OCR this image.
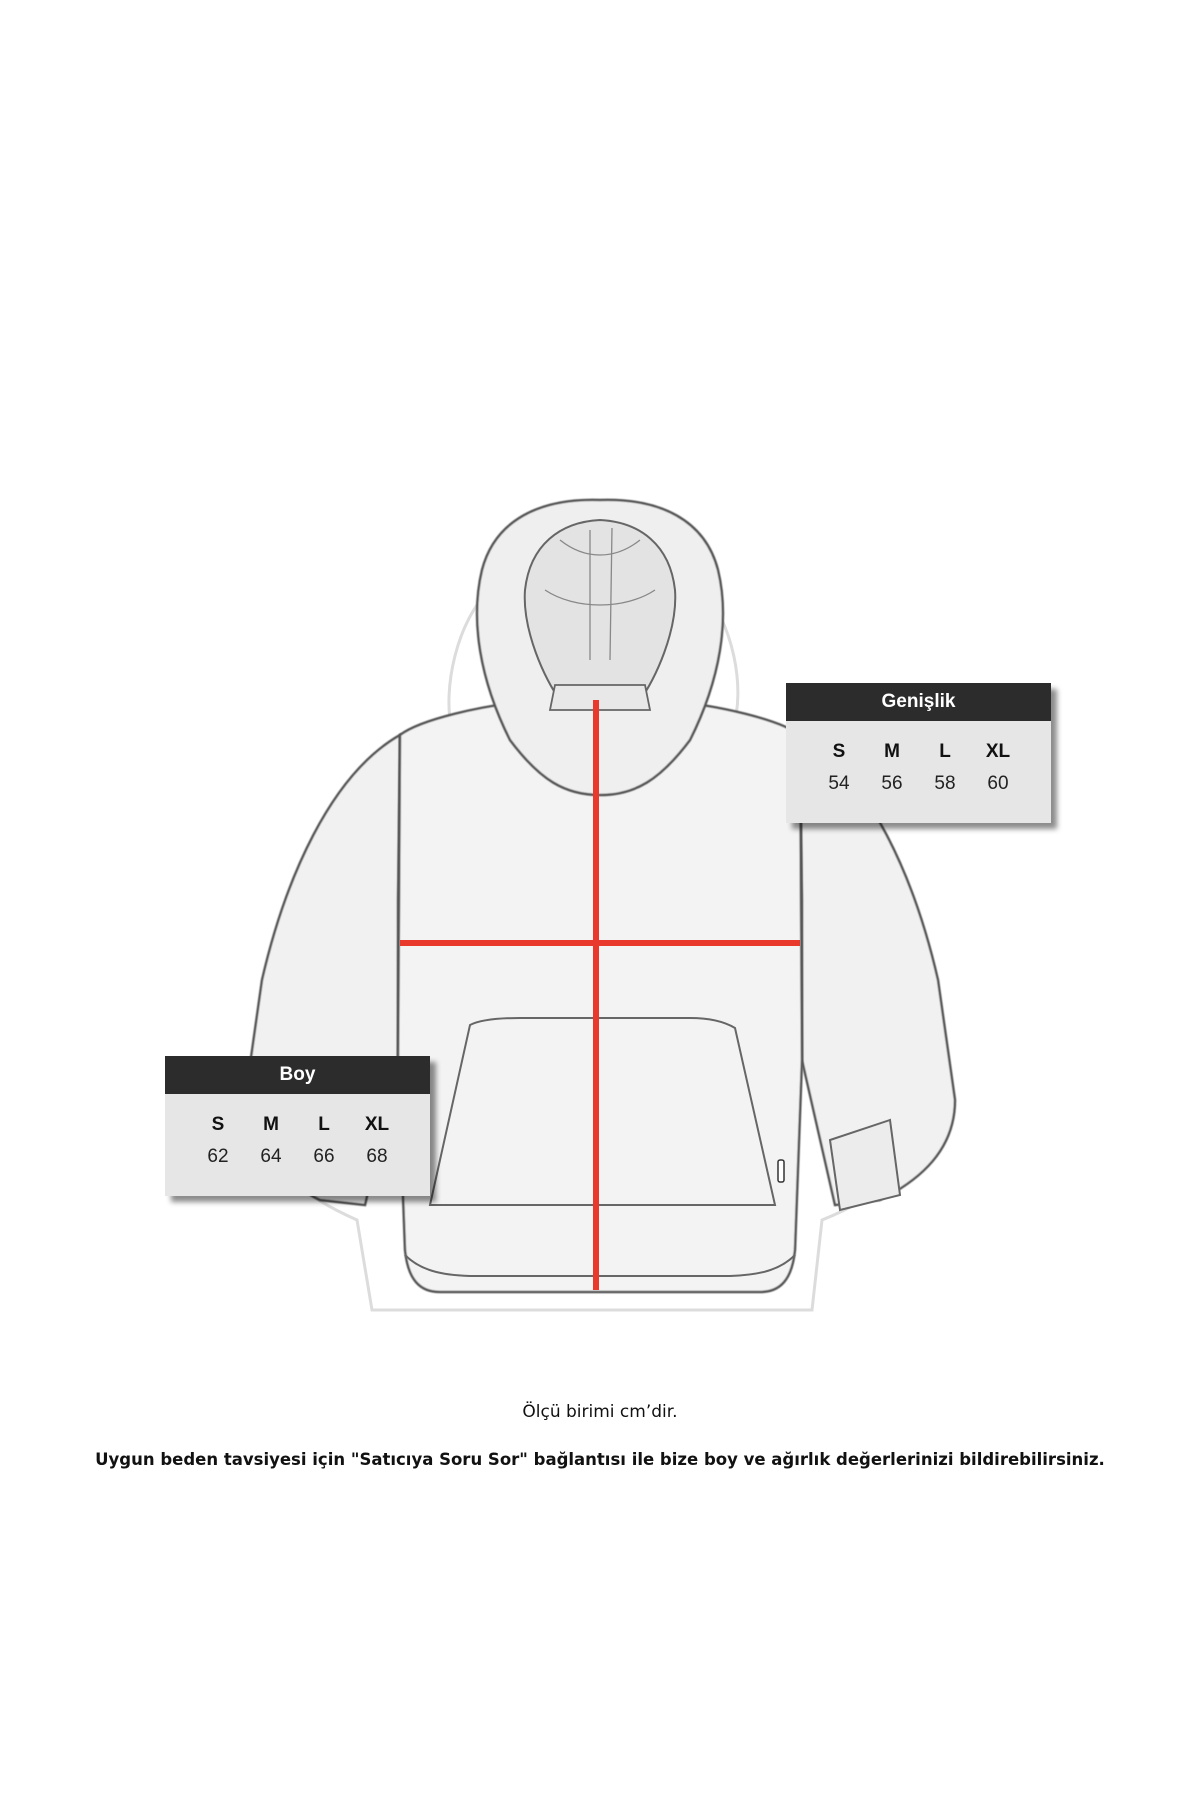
Genişlik
S	M	L	XL
54	56	58	60
Boy
S	M	L	XL
62	64	66	68
Ölçü birimi cm’dir.
Uygun beden tavsiyesi için "Satıcıya Soru Sor" bağlantısı ile bize boy ve ağırlık değerlerinizi bildirebilirsiniz.
